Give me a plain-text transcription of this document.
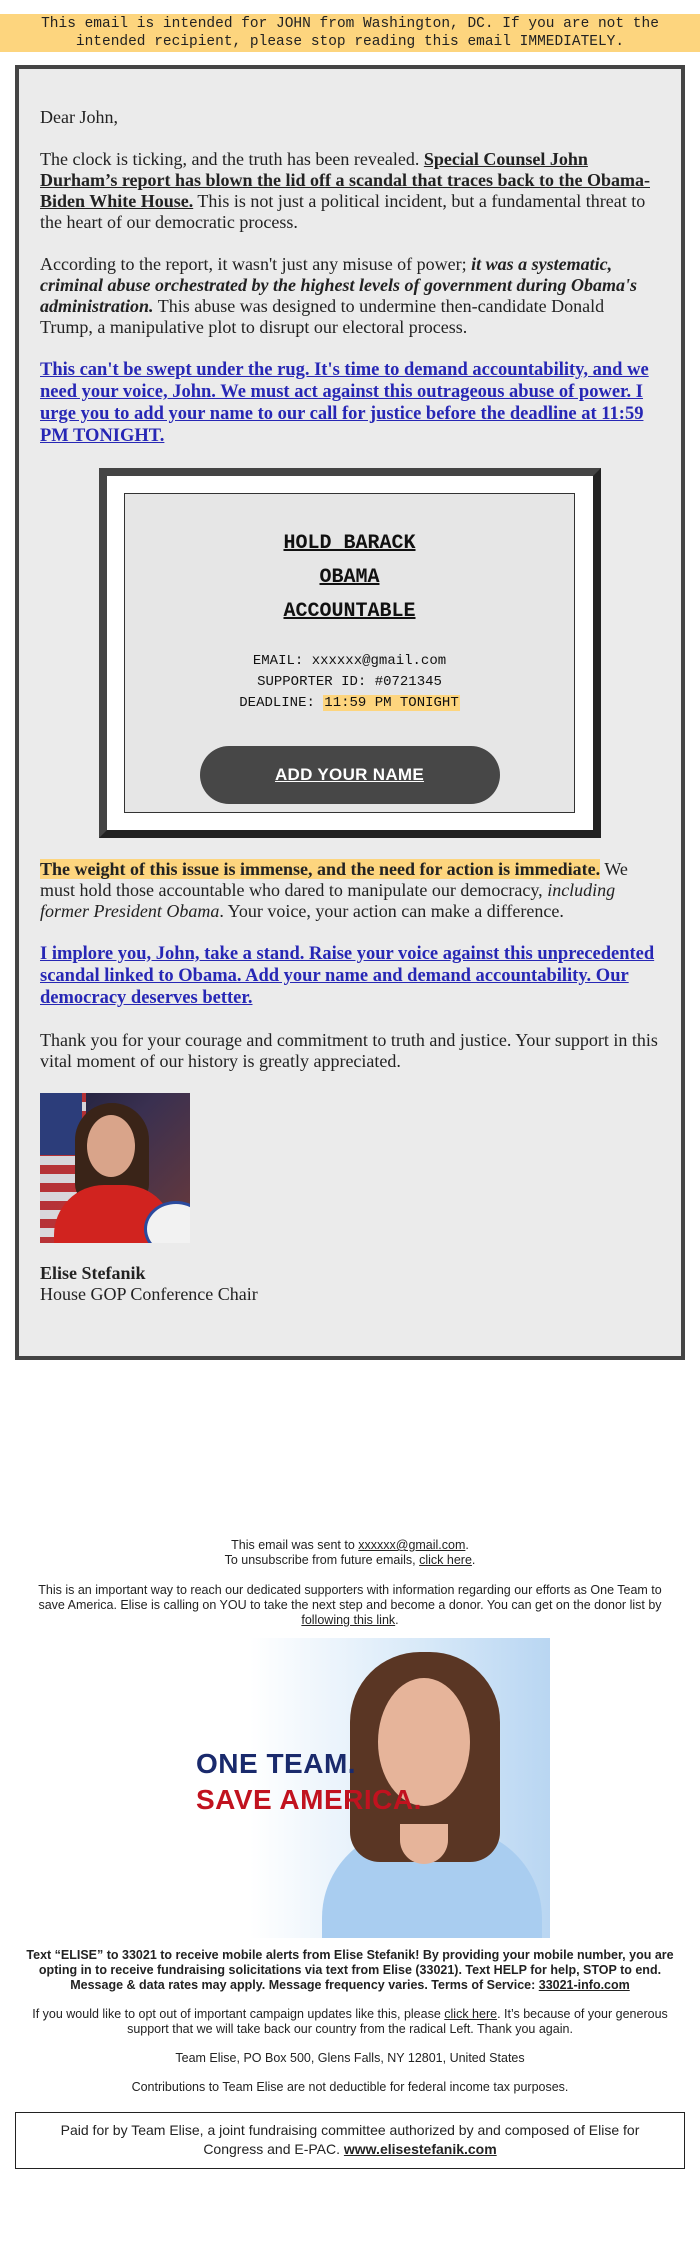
This email is intended for JOHN from Washington, DC. If you are not the intended recipient, please stop reading this email IMMEDIATELY.

Dear John,

The clock is ticking, and the truth has been revealed. Special Counsel John Durham’s report has blown the lid off a scandal that traces back to the Obama-Biden White House. This is not just a political incident, but a fundamental threat to the heart of our democratic process.

According to the report, it wasn't just any misuse of power; it was a systematic, criminal abuse orchestrated by the highest levels of government during Obama's administration. This abuse was designed to undermine then-candidate Donald Trump, a manipulative plot to disrupt our electoral process.

This can't be swept under the rug. It's time to demand accountability, and we need your voice, John. We must act against this outrageous abuse of power. I urge you to add your name to our call for justice before the deadline at 11:59 PM TONIGHT.

HOLD BARACK OBAMA ACCOUNTABLE
EMAIL: xxxxxx@gmail.com
SUPPORTER ID: #0721345
DEADLINE: 11:59 PM TONIGHT
ADD YOUR NAME

The weight of this issue is immense, and the need for action is immediate. We must hold those accountable who dared to manipulate our democracy, including former President Obama. Your voice, your action can make a difference.

I implore you, John, take a stand. Raise your voice against this unprecedented scandal linked to Obama. Add your name and demand accountability. Our democracy deserves better.

Thank you for your courage and commitment to truth and justice. Your support in this vital moment of our history is greatly appreciated.

Elise Stefanik
House GOP Conference Chair
This email was sent to xxxxxx@gmail.com.
To unsubscribe from future emails, click here.
This is an important way to reach our dedicated supporters with information regarding our efforts as One Team to save America. Elise is calling on YOU to take the next step and become a donor. You can get on the donor list by following this link.
ONE TEAM.
SAVE AMERICA.
Text “ELISE” to 33021 to receive mobile alerts from Elise Stefanik! By providing your mobile number, you are opting in to receive fundraising solicitations via text from Elise (33021). Text HELP for help, STOP to end. Message & data rates may apply. Message frequency varies. Terms of Service: 33021-info.com
If you would like to opt out of important campaign updates like this, please click here. It’s because of your generous support that we will take back our country from the radical Left. Thank you again.
Team Elise, PO Box 500, Glens Falls, NY 12801, United States
Contributions to Team Elise are not deductible for federal income tax purposes.
Paid for by Team Elise, a joint fundraising committee authorized by and composed of Elise for Congress and E-PAC. www.elisestefanik.com
